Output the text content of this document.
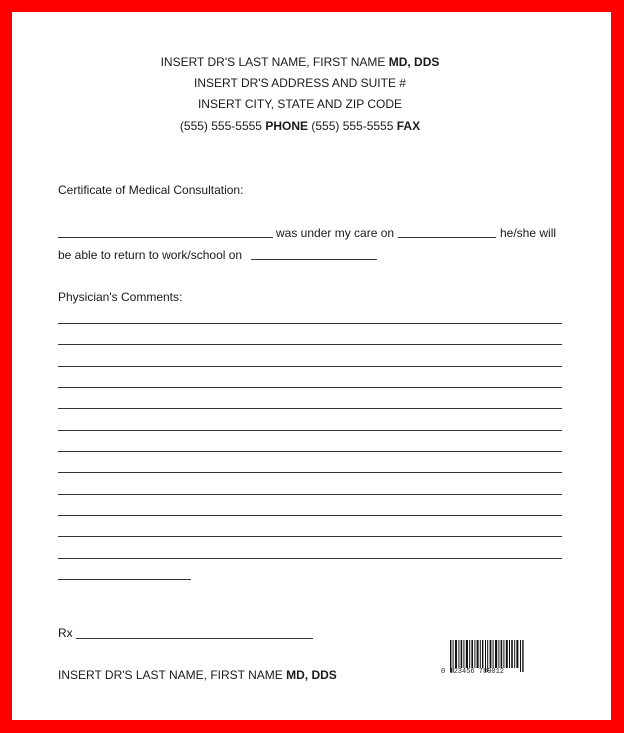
INSERT DR'S LAST NAME, FIRST NAME MD, DDS
INSERT DR'S ADDRESS AND SUITE #
INSERT CITY, STATE AND ZIP CODE
(555) 555-5555 PHONE (555) 555-5555 FAX
Certificate of Medical Consultation:
was under my care on	he/she will
be able to return to work/school on
Physician's Comments:
Rx
INSERT DR'S LAST NAME, FIRST NAME MD, DDS	0 123456 789012
